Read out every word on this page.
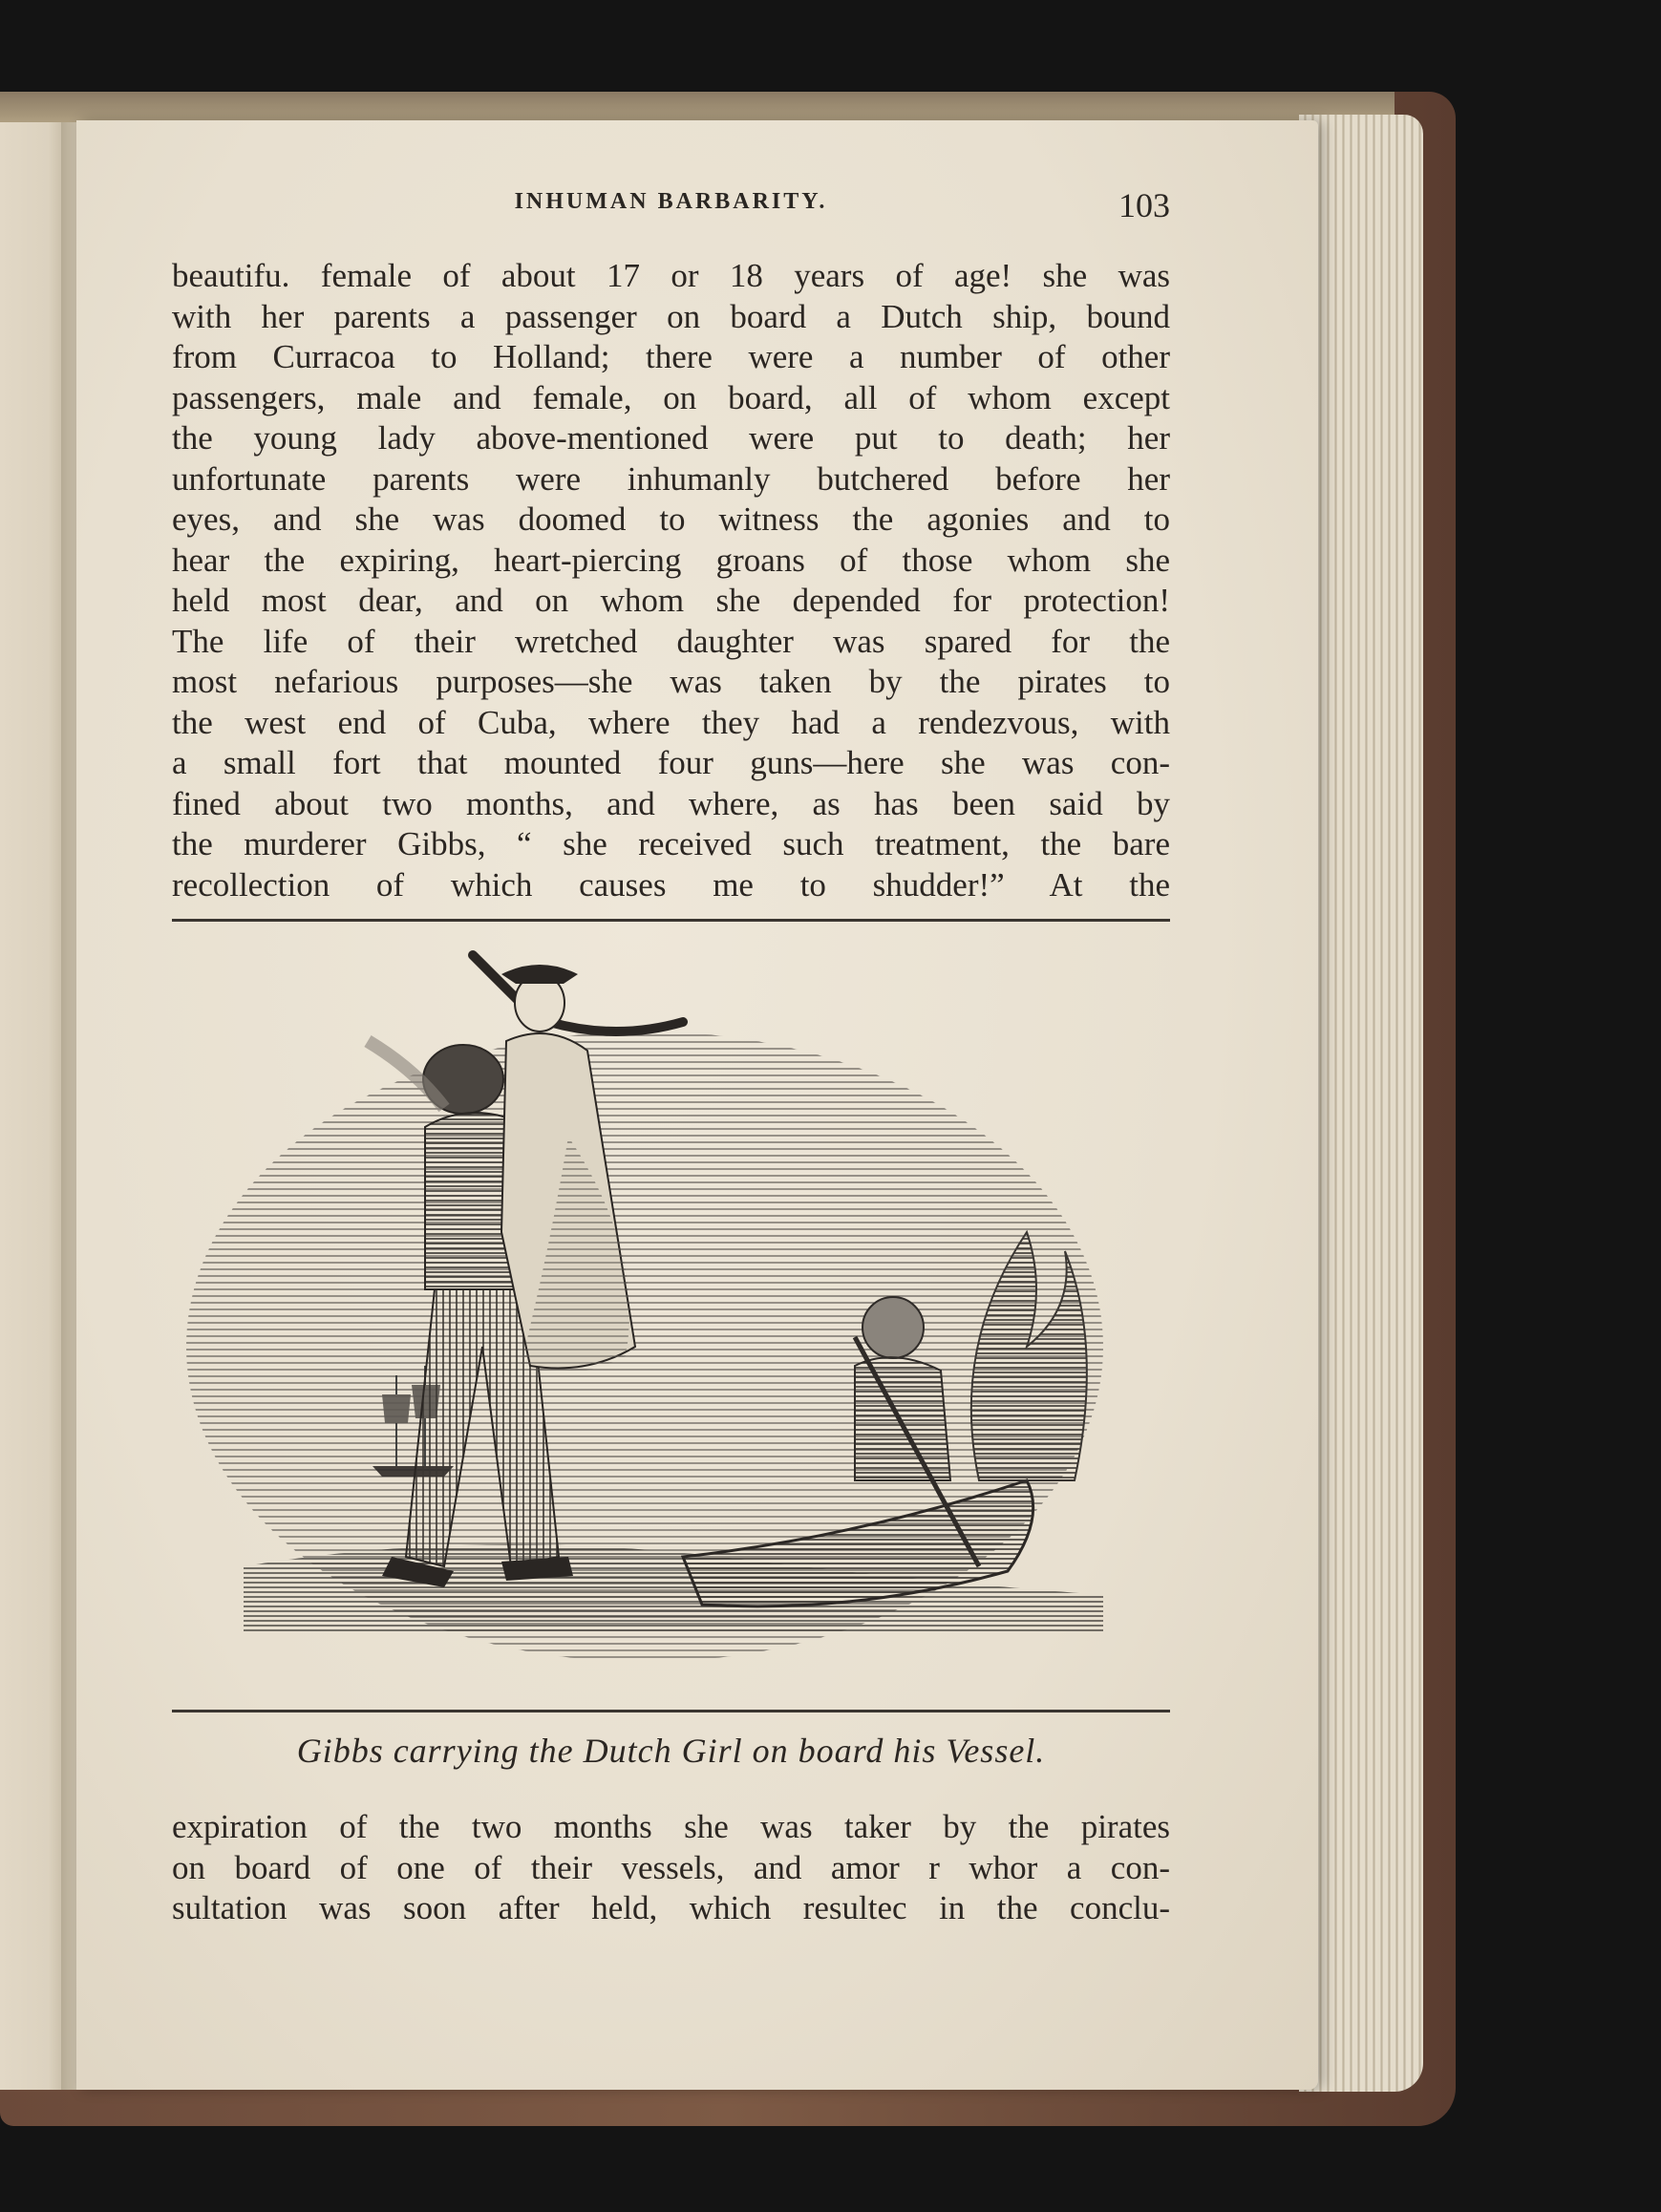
INHUMAN BARBARITY.	103
beautifu. female of about 17 or 18 years of age! she was
with her parents a passenger on board a Dutch ship, bound
from Curracoa to Holland; there were a number of other
passengers, male and female, on board, all of whom except
the young lady above-mentioned were put to death; her
unfortunate parents were inhumanly butchered before her
eyes, and she was doomed to witness the agonies and to
hear the expiring, heart-piercing groans of those whom she
held most dear, and on whom she depended for protection!
The life of their wretched daughter was spared for the
most nefarious purposes—she was taken by the pirates to
the west end of Cuba, where they had a rendezvous, with
a small fort that mounted four guns—here she was con-
fined about two months, and where, as has been said by
the murderer Gibbs, “ she received such treatment, the bare
recollection of which causes me to shudder!” At the
Gibbs carrying the Dutch Girl on board his Vessel.
expiration of the two months she was taker by the pirates
on board of one of their vessels, and amor r whor a con-
sultation was soon after held, which resultec in the conclu-
